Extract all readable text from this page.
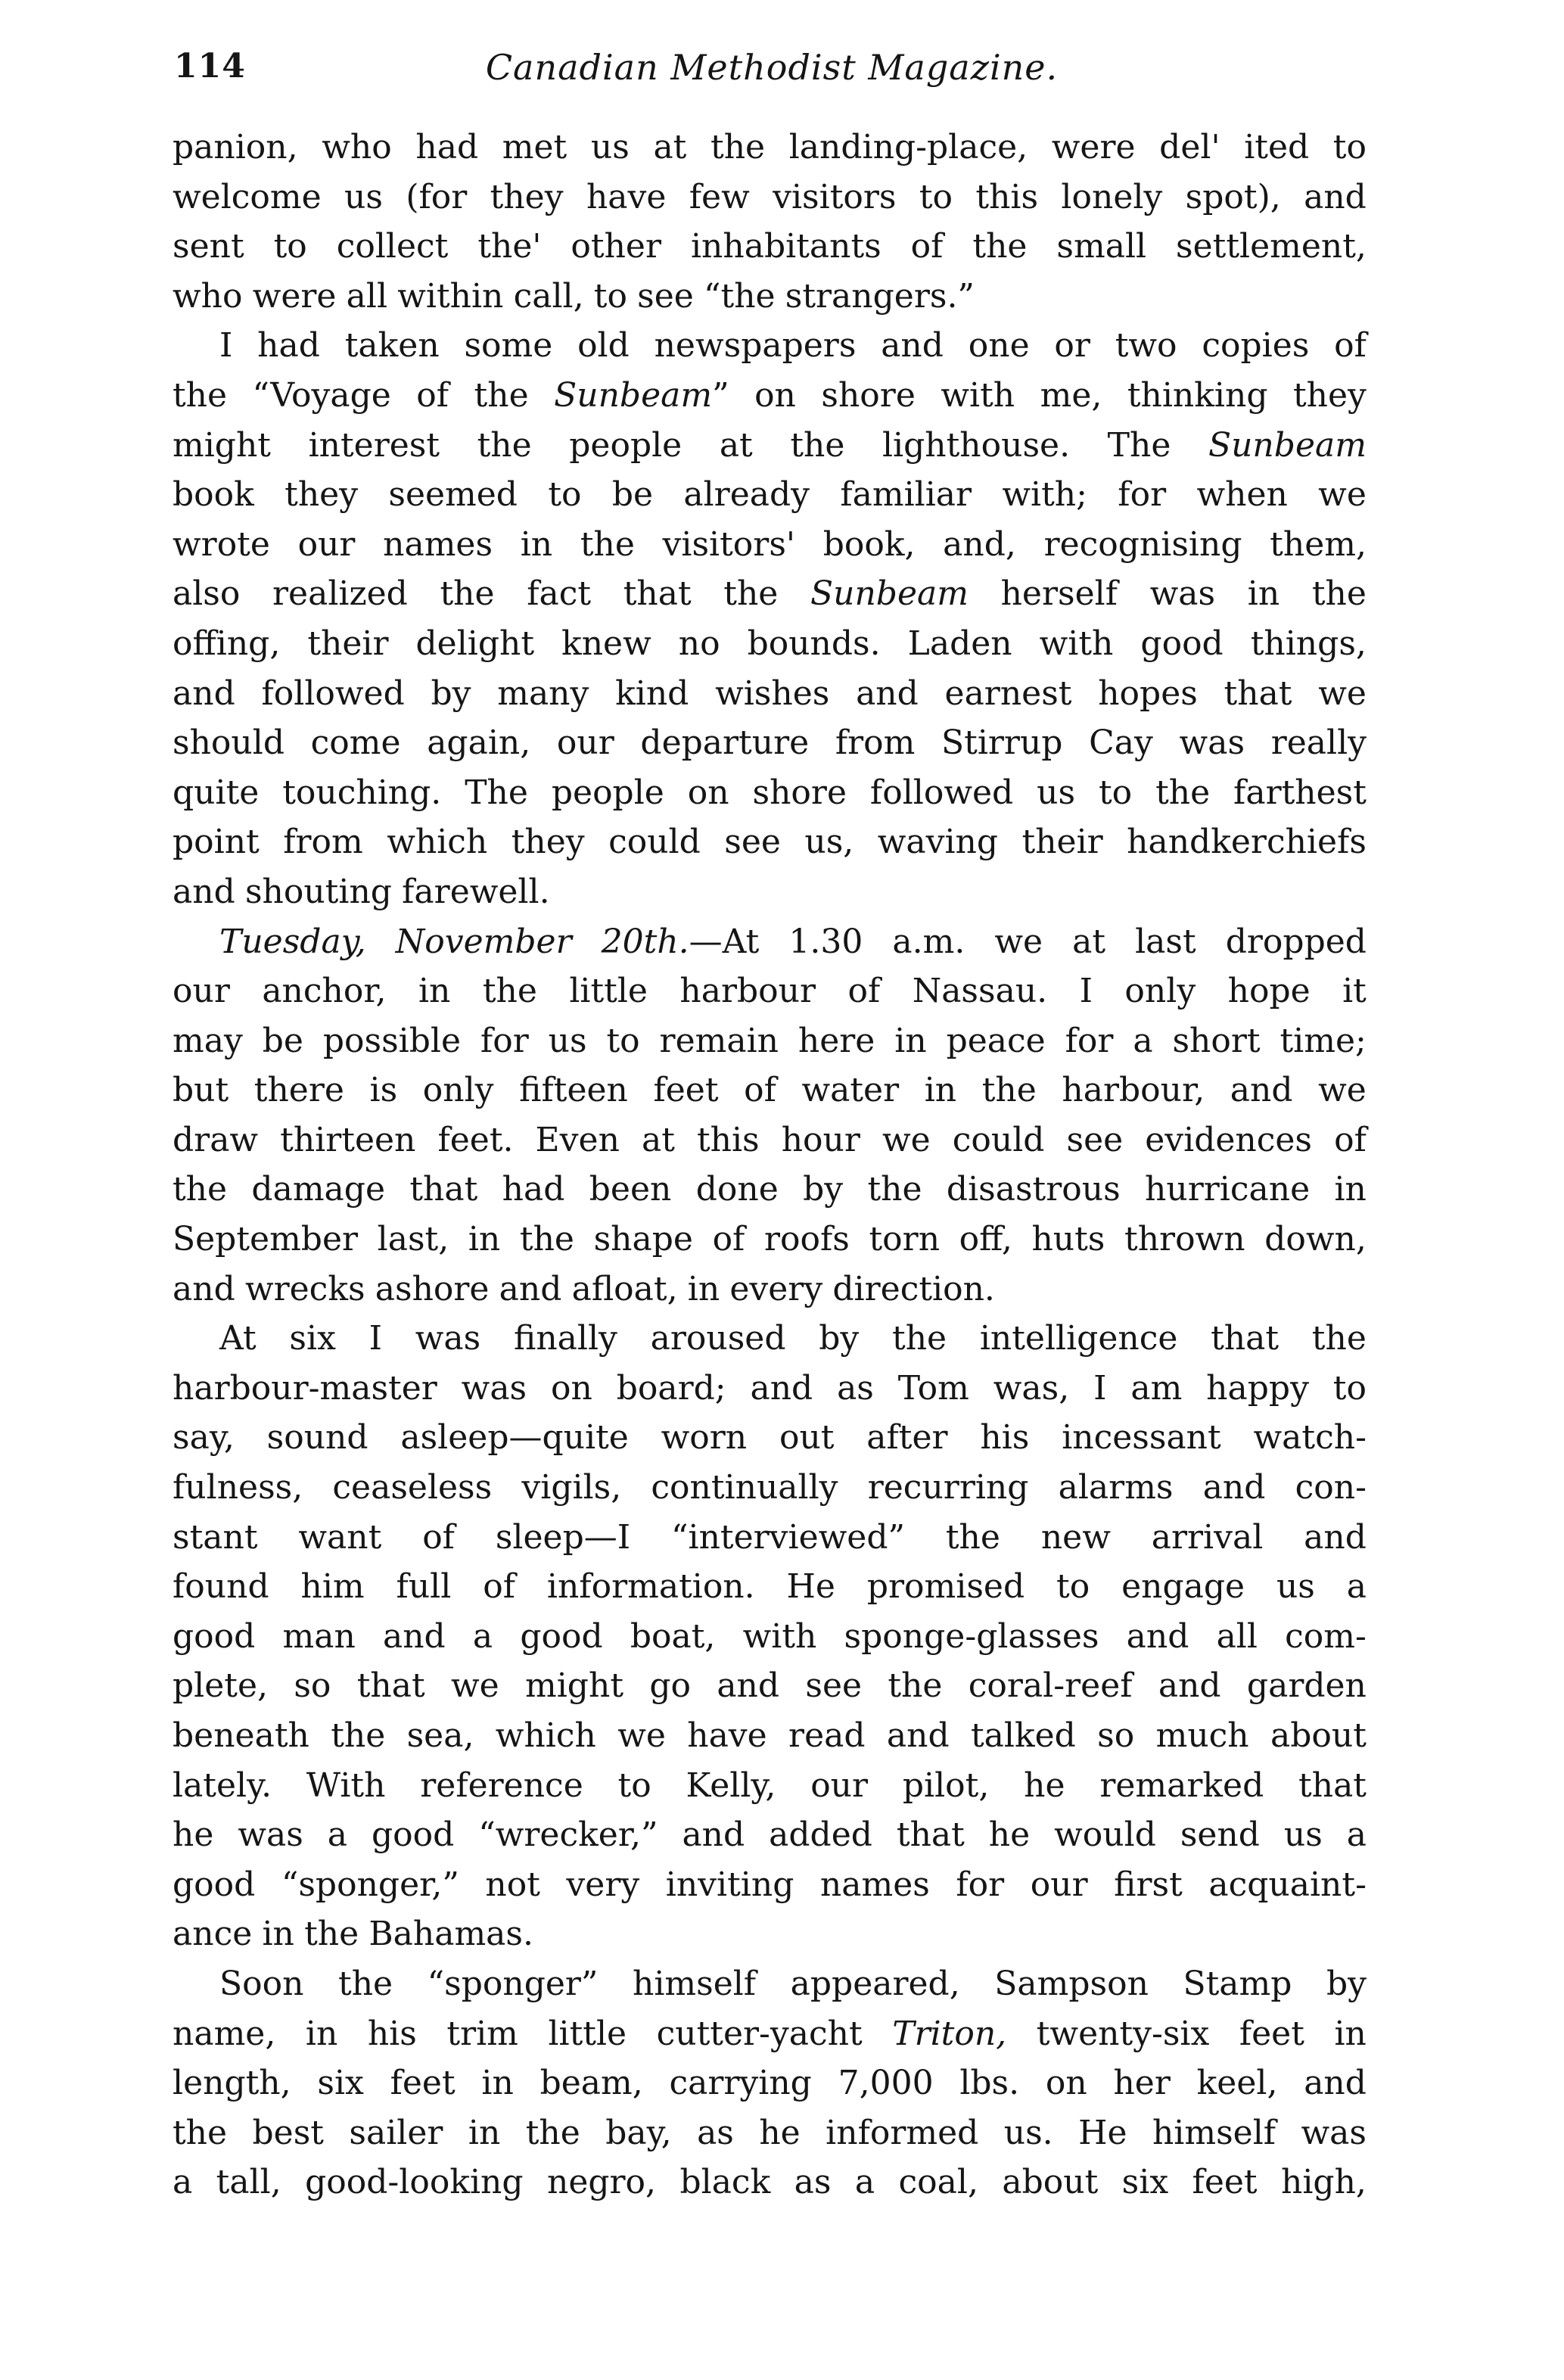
114	Canadian Methodist Magazine.
panion, who had met us at the landing-place, were del' ited to
welcome us (for they have few visitors to this lonely spot), and
sent to collect the' other inhabitants of the small settlement,
who were all within call, to see “the strangers.”
I had taken some old newspapers and one or two copies of
the “Voyage of the Sunbeam” on shore with me, thinking they
might interest the people at the lighthouse. The Sunbeam
book they seemed to be already familiar with; for when we
wrote our names in the visitors' book, and, recognising them,
also realized the fact that the Sunbeam herself was in the
offing, their delight knew no bounds. Laden with good things,
and followed by many kind wishes and earnest hopes that we
should come again, our departure from Stirrup Cay was really
quite touching. The people on shore followed us to the farthest
point from which they could see us, waving their handkerchiefs
and shouting farewell.
Tuesday, November 20th.—At 1.30 a.m. we at last dropped
our anchor, in the little harbour of Nassau. I only hope it
may be possible for us to remain here in peace for a short time;
but there is only fifteen feet of water in the harbour, and we
draw thirteen feet. Even at this hour we could see evidences of
the damage that had been done by the disastrous hurricane in
September last, in the shape of roofs torn off, huts thrown down,
and wrecks ashore and afloat, in every direction.
At six I was finally aroused by the intelligence that the
harbour-master was on board; and as Tom was, I am happy to
say, sound asleep—quite worn out after his incessant watch-
fulness, ceaseless vigils, continually recurring alarms and con-
stant want of sleep—I “interviewed” the new arrival and
found him full of information. He promised to engage us a
good man and a good boat, with sponge-glasses and all com-
plete, so that we might go and see the coral-reef and garden
beneath the sea, which we have read and talked so much about
lately. With reference to Kelly, our pilot, he remarked that
he was a good “wrecker,” and added that he would send us a
good “sponger,” not very inviting names for our first acquaint-
ance in the Bahamas.
Soon the “sponger” himself appeared, Sampson Stamp by
name, in his trim little cutter-yacht Triton, twenty-six feet in
length, six feet in beam, carrying 7,000 lbs. on her keel, and
the best sailer in the bay, as he informed us. He himself was
a tall, good-looking negro, black as a coal, about six feet high,
